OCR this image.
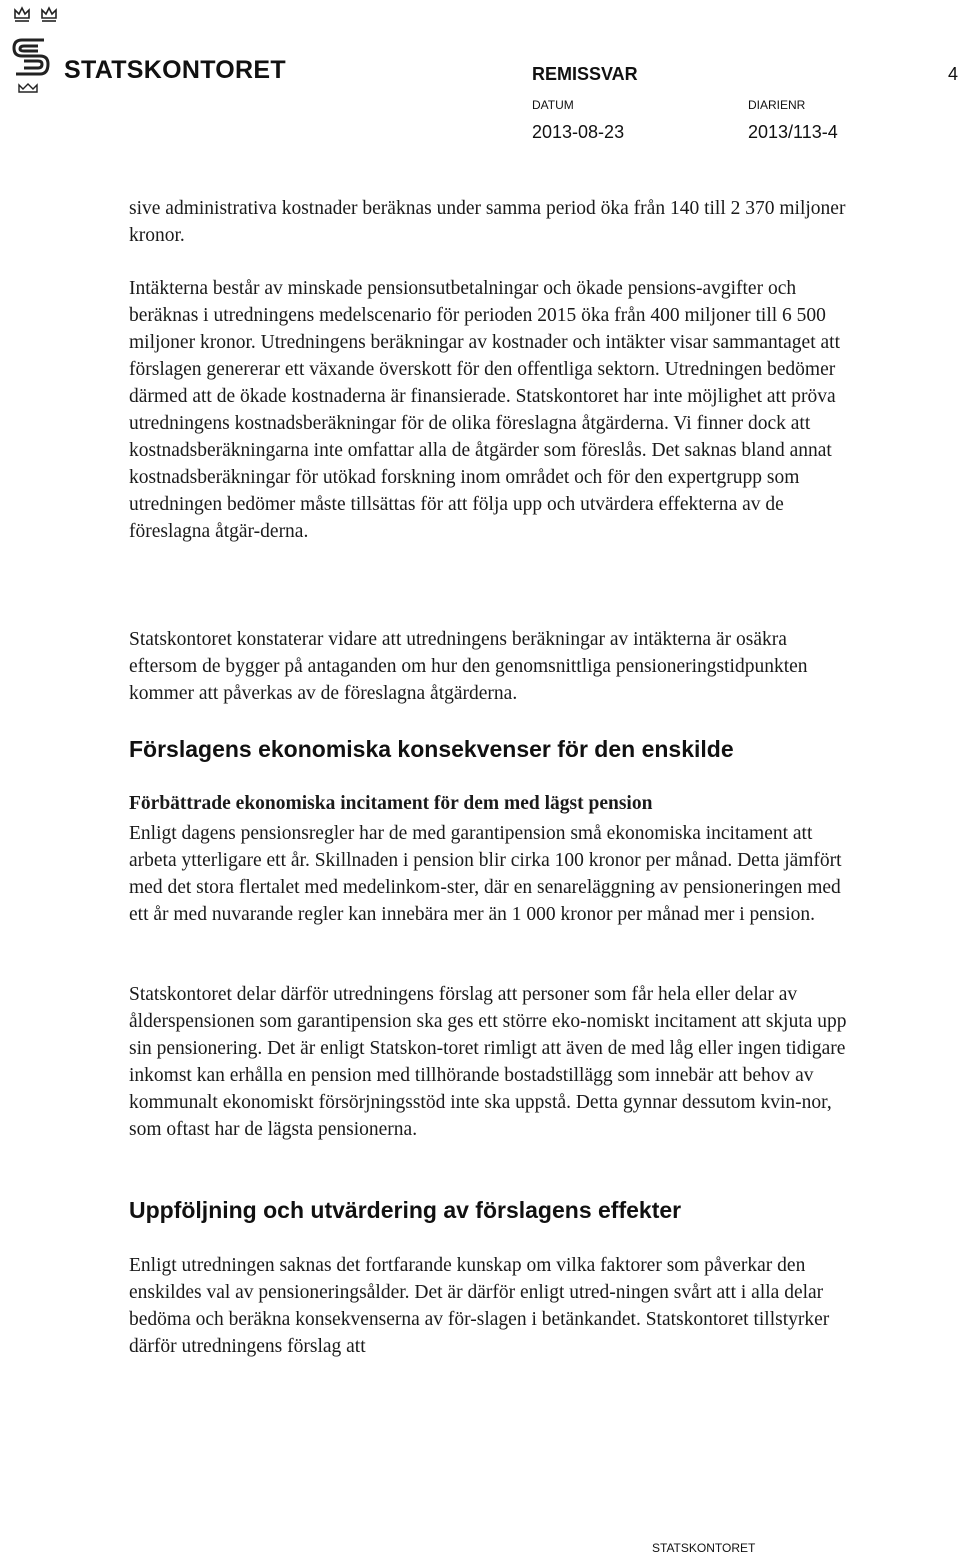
STATSKONTORET	REMISSVAR	4
DATUM	DIARIENR
2013-08-23	2013/113-4

sive administrativa kostnader beräknas under samma period öka från 140 till 2 370 miljoner kronor.

Intäkterna består av minskade pensionsutbetalningar och ökade pensions-avgifter och beräknas i utredningens medelscenario för perioden 2015 öka från 400 miljoner till 6 500 miljoner kronor. Utredningens beräkningar av kostnader och intäkter visar sammantaget att förslagen genererar ett växande överskott för den offentliga sektorn. Utredningen bedömer därmed att de ökade kostnaderna är finansierade. Statskontoret har inte möjlighet att pröva utredningens kostnadsberäkningar för de olika föreslagna åtgärderna. Vi finner dock att kostnadsberäkningarna inte omfattar alla de åtgärder som föreslås. Det saknas bland annat kostnadsberäkningar för utökad forskning inom området och för den expertgrupp som utredningen bedömer måste tillsättas för att följa upp och utvärdera effekterna av de föreslagna åtgär-derna.

Statskontoret konstaterar vidare att utredningens beräkningar av intäkterna är osäkra eftersom de bygger på antaganden om hur den genomsnittliga pensioneringstidpunkten kommer att påverkas av de föreslagna åtgärderna.

Förslagens ekonomiska konsekvenser för den enskilde
Förbättrade ekonomiska incitament för dem med lägst pension

Enligt dagens pensionsregler har de med garantipension små ekonomiska incitament att arbeta ytterligare ett år. Skillnaden i pension blir cirka 100 kronor per månad. Detta jämfört med det stora flertalet med medelinkom-ster, där en senareläggning av pensioneringen med ett år med nuvarande regler kan innebära mer än 1 000 kronor per månad mer i pension.

Statskontoret delar därför utredningens förslag att personer som får hela eller delar av ålderspensionen som garantipension ska ges ett större eko-nomiskt incitament att skjuta upp sin pensionering. Det är enligt Statskon-toret rimligt att även de med låg eller ingen tidigare inkomst kan erhålla en pension med tillhörande bostadstillägg som innebär att behov av kommunalt ekonomiskt försörjningsstöd inte ska uppstå. Detta gynnar dessutom kvin-nor, som oftast har de lägsta pensionerna.

Uppföljning och utvärdering av förslagens effekter

Enligt utredningen saknas det fortfarande kunskap om vilka faktorer som påverkar den enskildes val av pensioneringsålder. Det är därför enligt utred-ningen svårt att i alla delar bedöma och beräkna konsekvenserna av för-slagen i betänkandet. Statskontoret tillstyrker därför utredningens förslag att

STATSKONTORET
